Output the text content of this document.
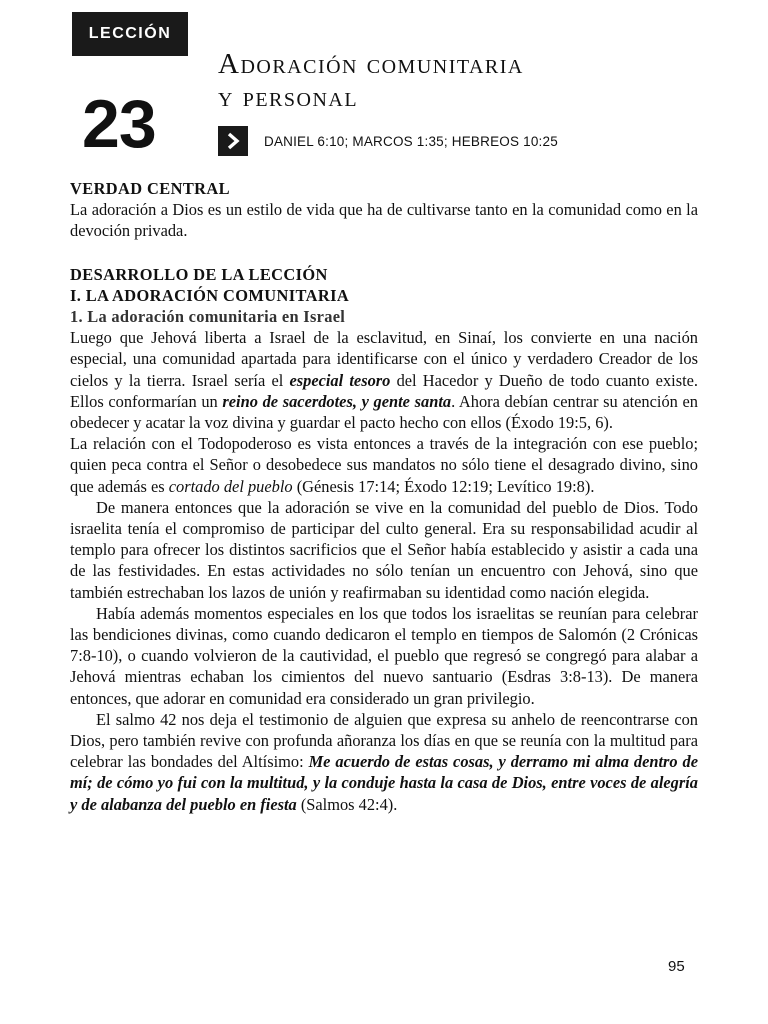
LECCIÓN
23
Adoración comunitaria
y personal
DANIEL 6:10; MARCOS 1:35; HEBREOS 10:25
VERDAD CENTRAL

La adoración a Dios es un estilo de vida que ha de cultivarse tanto en la comunidad como en la devoción privada.

DESARROLLO DE LA LECCIÓN
I. LA ADORACIÓN COMUNITARIA
1. La adoración comunitaria en Israel

Luego que Jehová liberta a Israel de la esclavitud, en Sinaí, los convierte en una nación especial, una comunidad apartada para identificarse con el único y verdadero Creador de los cielos y la tierra. Israel sería el especial tesoro del Hacedor y Dueño de todo cuanto existe. Ellos conformarían un reino de sacerdotes, y gente santa. Ahora debían centrar su atención en obedecer y acatar la voz divina y guardar el pacto hecho con ellos (Éxodo 19:5, 6).

La relación con el Todopoderoso es vista entonces a través de la integración con ese pueblo; quien peca contra el Señor o desobedece sus mandatos no sólo tiene el desagrado divino, sino que además es cortado del pueblo (Génesis 17:14; Éxodo 12:19; Levítico 19:8).

De manera entonces que la adoración se vive en la comunidad del pueblo de Dios. Todo israelita tenía el compromiso de participar del culto general. Era su responsabilidad acudir al templo para ofrecer los distintos sacrificios que el Señor había establecido y asistir a cada una de las festividades. En estas actividades no sólo tenían un encuentro con Jehová, sino que también estrechaban los lazos de unión y reafirmaban su identidad como nación elegida.

Había además momentos especiales en los que todos los israelitas se reunían para celebrar las bendiciones divinas, como cuando dedicaron el templo en tiempos de Salomón (2 Crónicas 7:8-10), o cuando volvieron de la cautividad, el pueblo que regresó se congregó para alabar a Jehová mientras echaban los cimientos del nuevo santuario (Esdras 3:8-13). De manera entonces, que adorar en comunidad era considerado un gran privilegio.

El salmo 42 nos deja el testimonio de alguien que expresa su anhelo de reencontrarse con Dios, pero también revive con profunda añoranza los días en que se reunía con la multitud para celebrar las bondades del Altísimo: Me acuerdo de estas cosas, y derramo mi alma dentro de mí; de cómo yo fui con la multitud, y la conduje hasta la casa de Dios, entre voces de alegría y de alabanza del pueblo en fiesta (Salmos 42:4).

95
